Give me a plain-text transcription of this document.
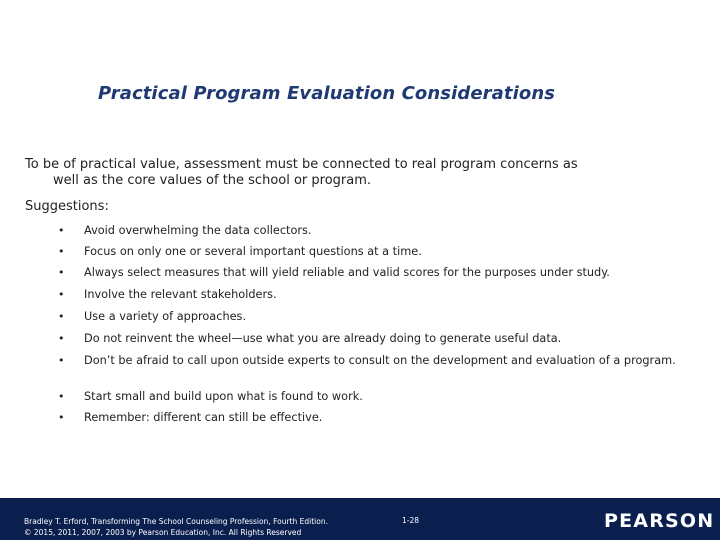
Practical Program Evaluation Considerations
To be of practical value, assessment must be connected to real program concerns as
well as the core values of the school or program.
Suggestions:
• Avoid overwhelming the data collectors.
• Focus on only one or several important questions at a time.
• Always select measures that will yield reliable and valid scores for the purposes under study.
• Involve the relevant stakeholders.
• Use a variety of approaches.
• Do not reinvent the wheel—use what you are already doing to generate useful data.
• Don’t be afraid to call upon outside experts to consult on the development and evaluation of a program.
• Start small and build upon what is found to work.
• Remember: different can still be effective.
Bradley T. Erford, Transforming The School Counseling Profession, Fourth Edition.
© 2015, 2011, 2007, 2003 by Pearson Education, Inc. All Rights Reserved
1-28	PEARSON
